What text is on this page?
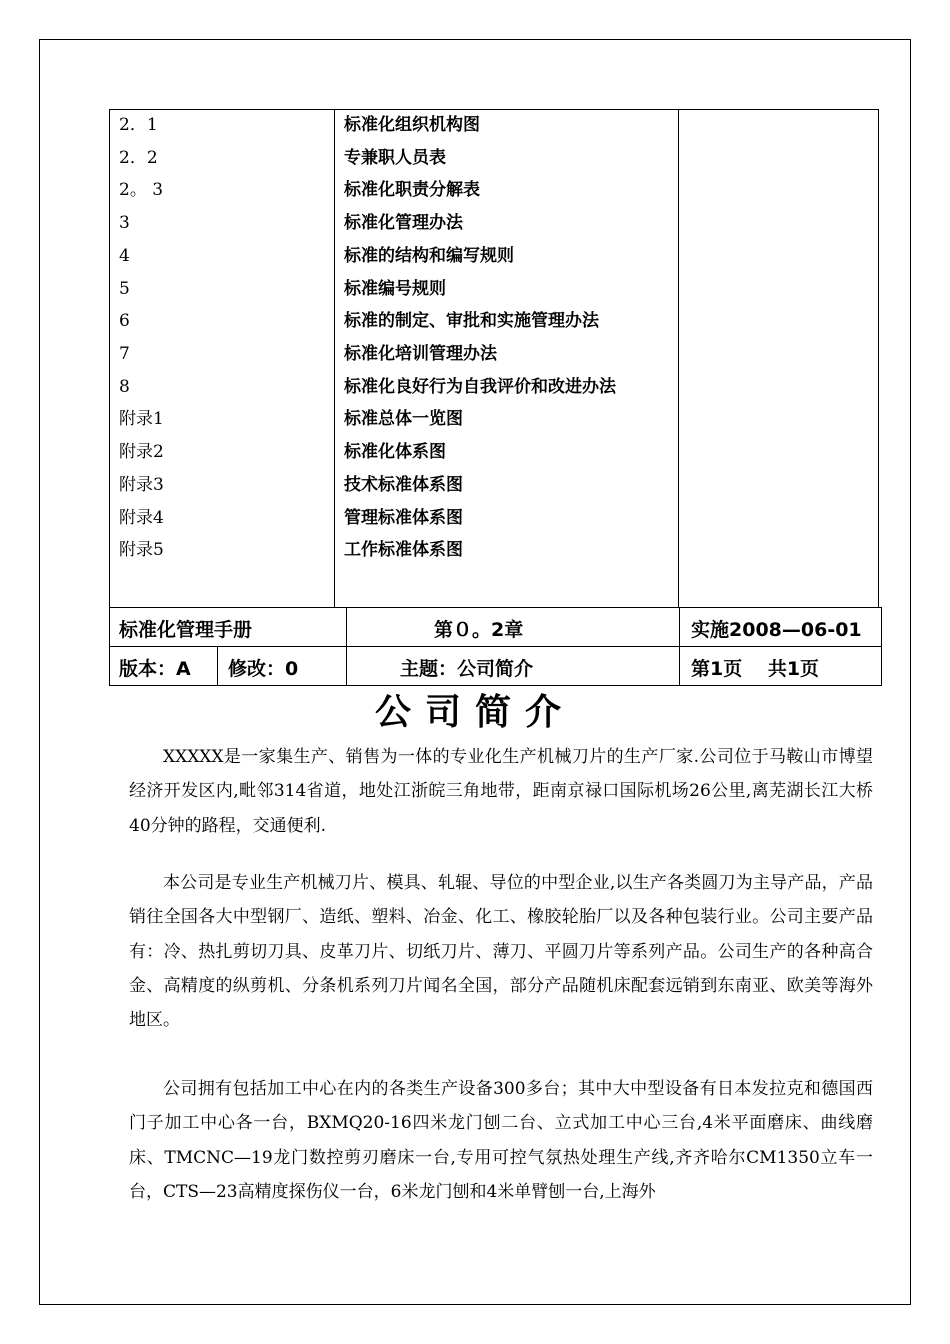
2．1	标准化组织机构图
2．2	专兼职人员表
2。 3	标准化职责分解表
3	标准化管理办法
4	标准的结构和编写规则
5	标准编号规则
6	标准的制定、审批和实施管理办法
7	标准化培训管理办法
8	标准化良好行为自我评价和改进办法
附录1	标准总体一览图
附录2	标准化体系图
附录3	技术标准体系图
附录4	管理标准体系图
附录5	工作标准体系图
标准化管理手册	第０。2章	实施2008—06-01
版本：A 修改：0	主题：公司简介	第1页　 共1页
公司简介

XXXXX是一家集生产、销售为一体的专业化生产机械刀片的生产厂家.公司位于马鞍山市博望经济开发区内,毗邻314省道，地处江浙皖三角地带，距南京禄口国际机场26公里,离芜湖长江大桥40分钟的路程，交通便利.

本公司是专业生产机械刀片、模具、轧辊、导位的中型企业,以生产各类圆刀为主导产品，产品销往全国各大中型钢厂、造纸、塑料、冶金、化工、橡胶轮胎厂以及各种包装行业。公司主要产品有：冷、热扎剪切刀具、皮革刀片、切纸刀片、薄刀、平圆刀片等系列产品。公司生产的各种高合金、高精度的纵剪机、分条机系列刀片闻名全国，部分产品随机床配套远销到东南亚、欧美等海外地区。

公司拥有包括加工中心在内的各类生产设备300多台；其中大中型设备有日本发拉克和德国西门子加工中心各一台，BXMQ20-16四米龙门刨二台、立式加工中心三台,4米平面磨床、曲线磨床、TMCNC—19龙门数控剪刃磨床一台,专用可控气氛热处理生产线,齐齐哈尔CM1350立车一台，CTS—23高精度探伤仪一台，6米龙门刨和4米单臂刨一台,上海外
